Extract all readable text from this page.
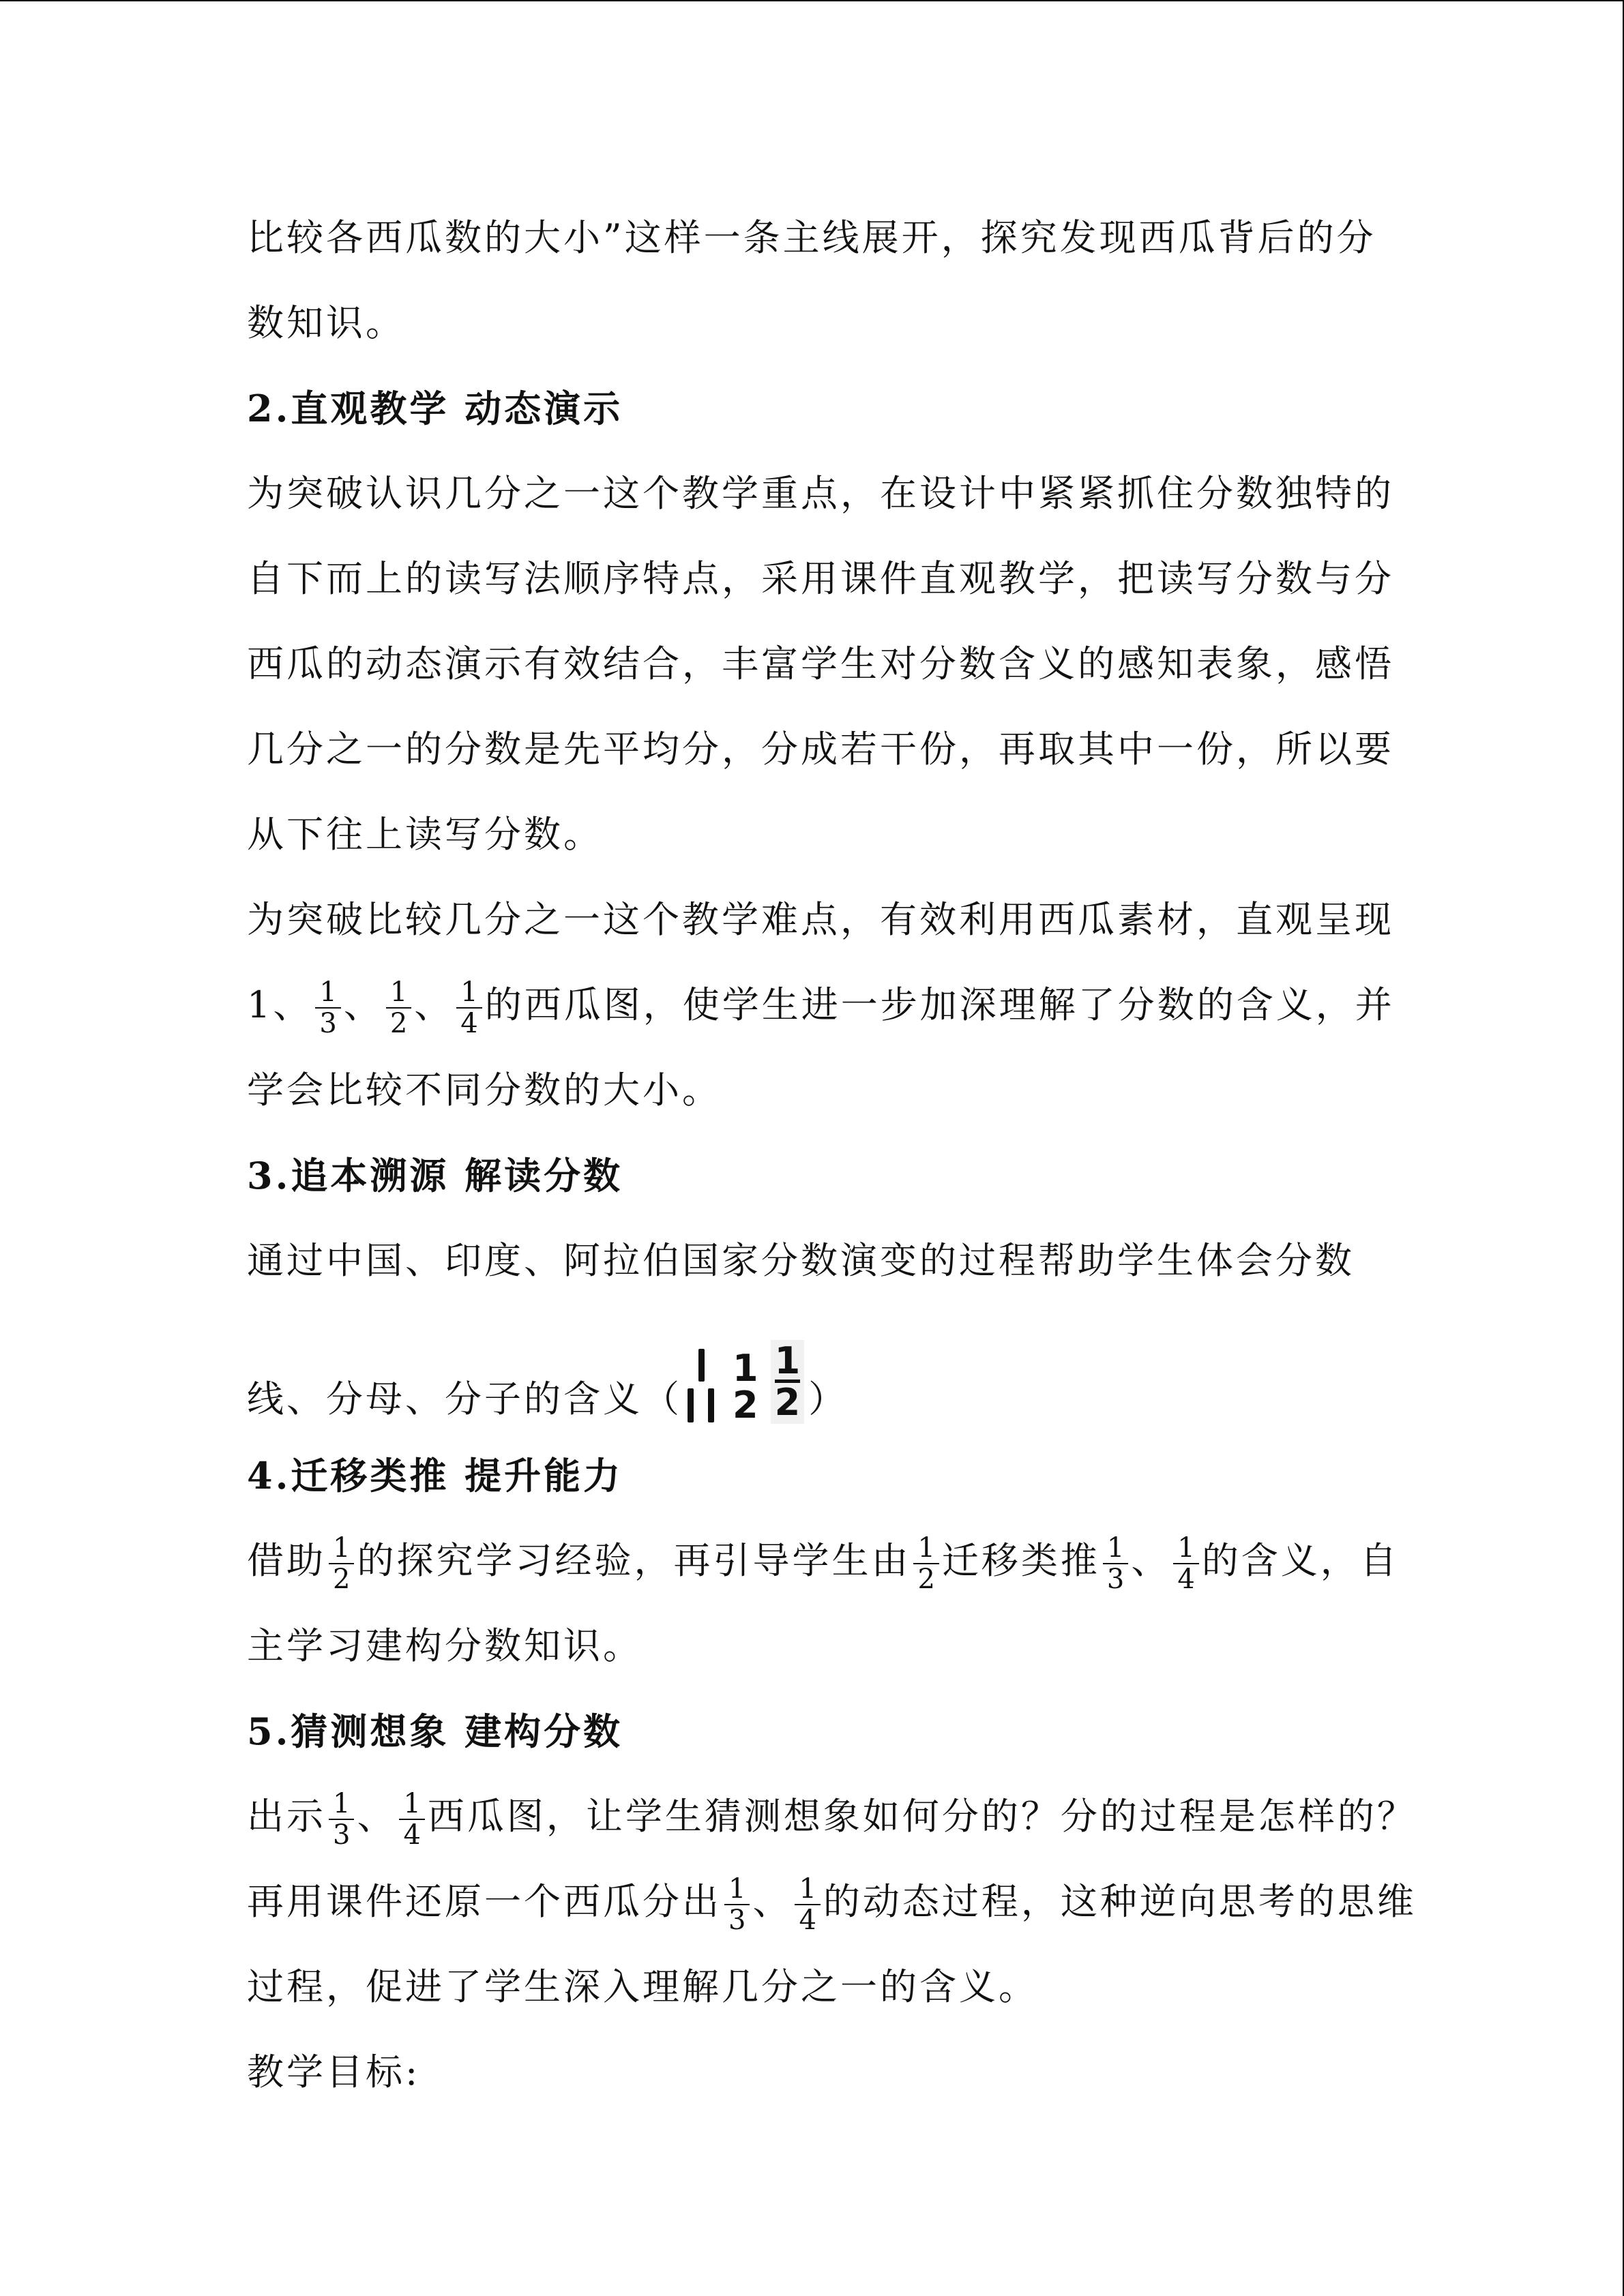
比较各西瓜数的大小”这样一条主线展开，探究发现西瓜背后的分
数知识。
2.直观教学 动态演示
为突破认识几分之一这个教学重点，在设计中紧紧抓住分数独特的
自下而上的读写法顺序特点，采用课件直观教学，把读写分数与分
西瓜的动态演示有效结合，丰富学生对分数含义的感知表象，感悟
几分之一的分数是先平均分，分成若干份，再取其中一份，所以要
从下往上读写分数。
为突破比较几分之一这个教学难点，有效利用西瓜素材，直观呈现
1、 $\frac{1}{3}$ 、 $\frac{1}{2}$ 、 $\frac{1}{4}$ 的西瓜图，使学生进一步加深理解了分数的含义，并
学会比较不同分数的大小。
3.追本溯源 解读分数
通过中国、印度、阿拉伯国家分数演变的过程帮助学生体会分数
线、分母、分子的含义（
1
$2 \frac{1}{2}$ ）
4.迁移类推 提升能力
借助 $\frac{1}{2}$ 的探究学习经验，再引导学生由 $\frac{1}{2}$ 迁移类推 $\frac{1}{3}$ 、 $\frac{1}{4}$ 的含义，自
主学习建构分数知识。
5.猜测想象 建构分数
出示 $\frac{1}{3}$ 、 $\frac{1}{4}$ 西瓜图，让学生猜测想象如何分的？分的过程是怎样的？
再用课件还原一个西瓜分出 $\frac{1}{3}$ 、 $\frac{1}{4}$ 的动态过程，这种逆向思考的思维
过程，促进了学生深入理解几分之一的含义。
教学目标:
